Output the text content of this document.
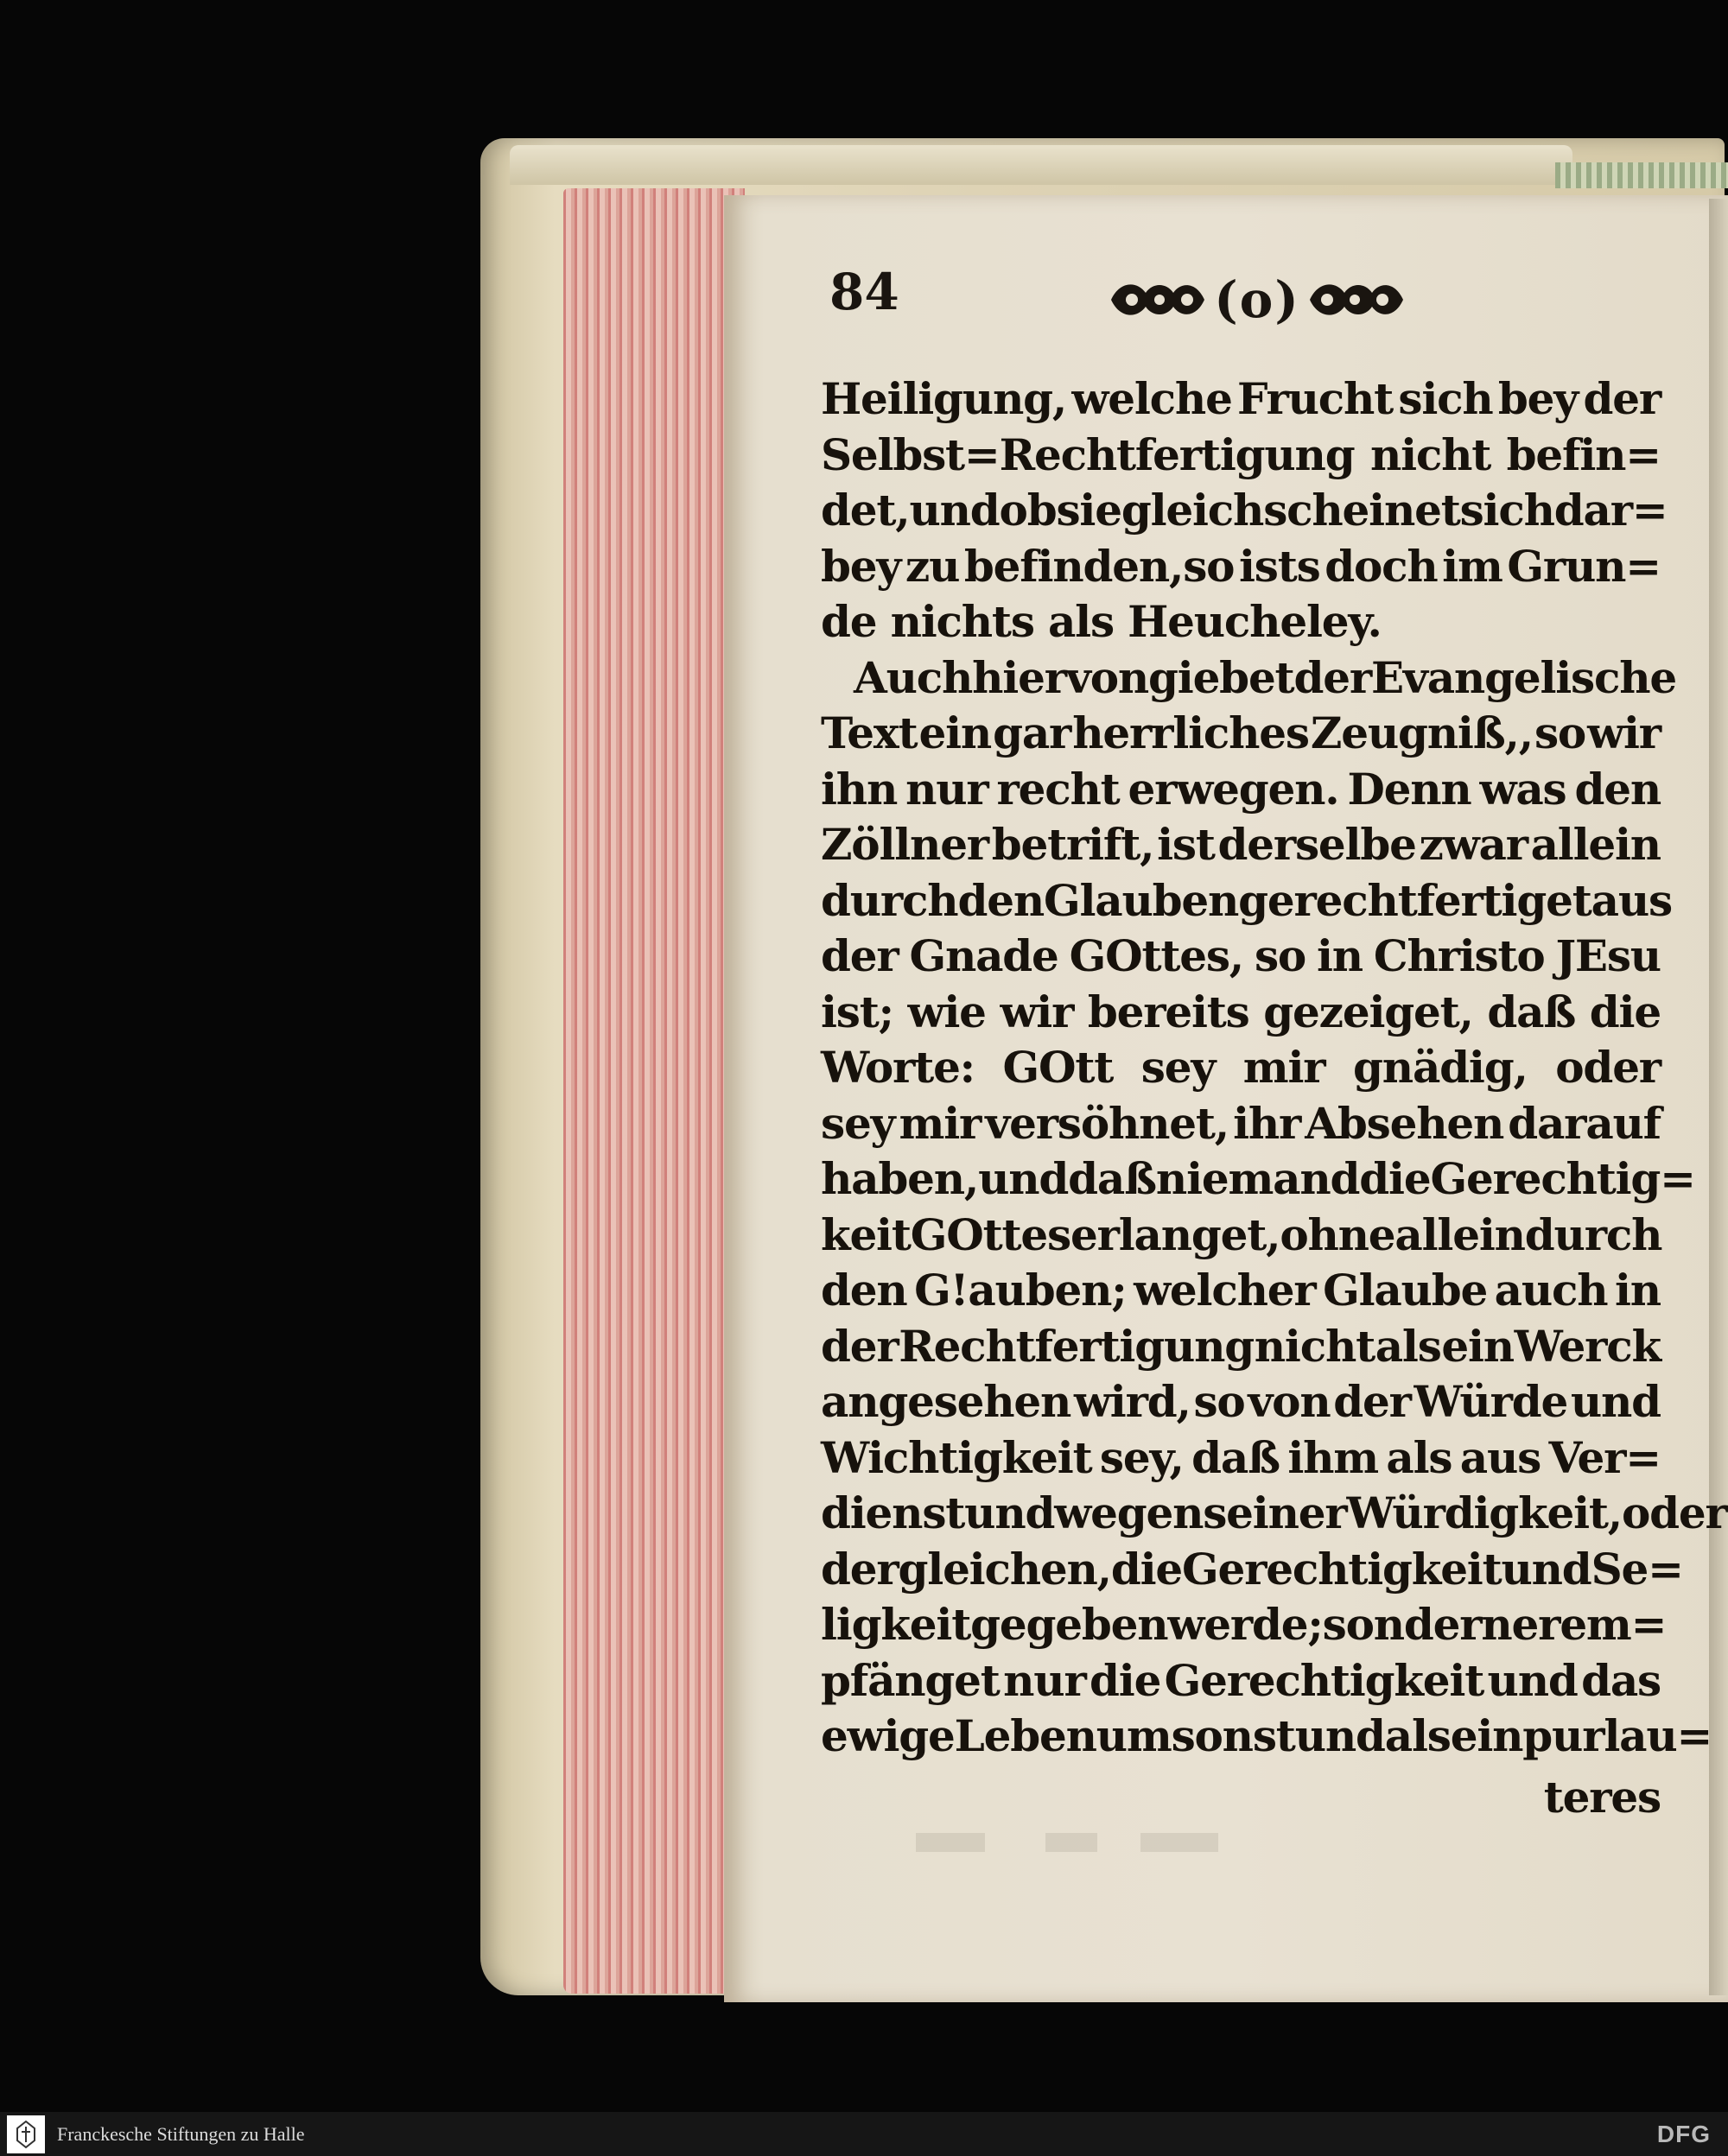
84	(o)
Heiligung, welche Frucht sich bey der
Selbst=Rechtfertigung nicht befin=
det,und ob sie gleich scheinet sich dar=
bey zu befinden,so ists doch im Grun=
de nichts als Heucheley.
Auch hiervon giebet der Evangelische
Text ein gar herrliches Zeugniß,, so wir
ihn nur recht erwegen. Denn was den
Zöllner betrift, ist derselbe zwar allein
durch den Glauben gerechtfertiget aus
der Gnade GOttes, so in Christo JEsu
ist; wie wir bereits gezeiget, daß die
Worte: GOtt sey mir gnädig, oder
sey mir versöhnet, ihr Absehen darauf
haben, und daß niemand die Gerechtig=
keit GOttes erlanget, ohne allein durch
den G!auben; welcher Glaube auch in
der Rechtfertigung nicht als ein Werck
angesehen wird, so von der Würde und
Wichtigkeit sey, daß ihm als aus Ver=
dienst und wegen seiner Würdigkeit,oder
dergleichen, die Gerechtigkeit und Se=
ligkeit gegeben werde; sondern er em=
pfänget nur die Gerechtigkeit und das
ewige Leben umsonst und als ein pur lau=
teres
Franckesche Stiftungen zu Halle	DFG
